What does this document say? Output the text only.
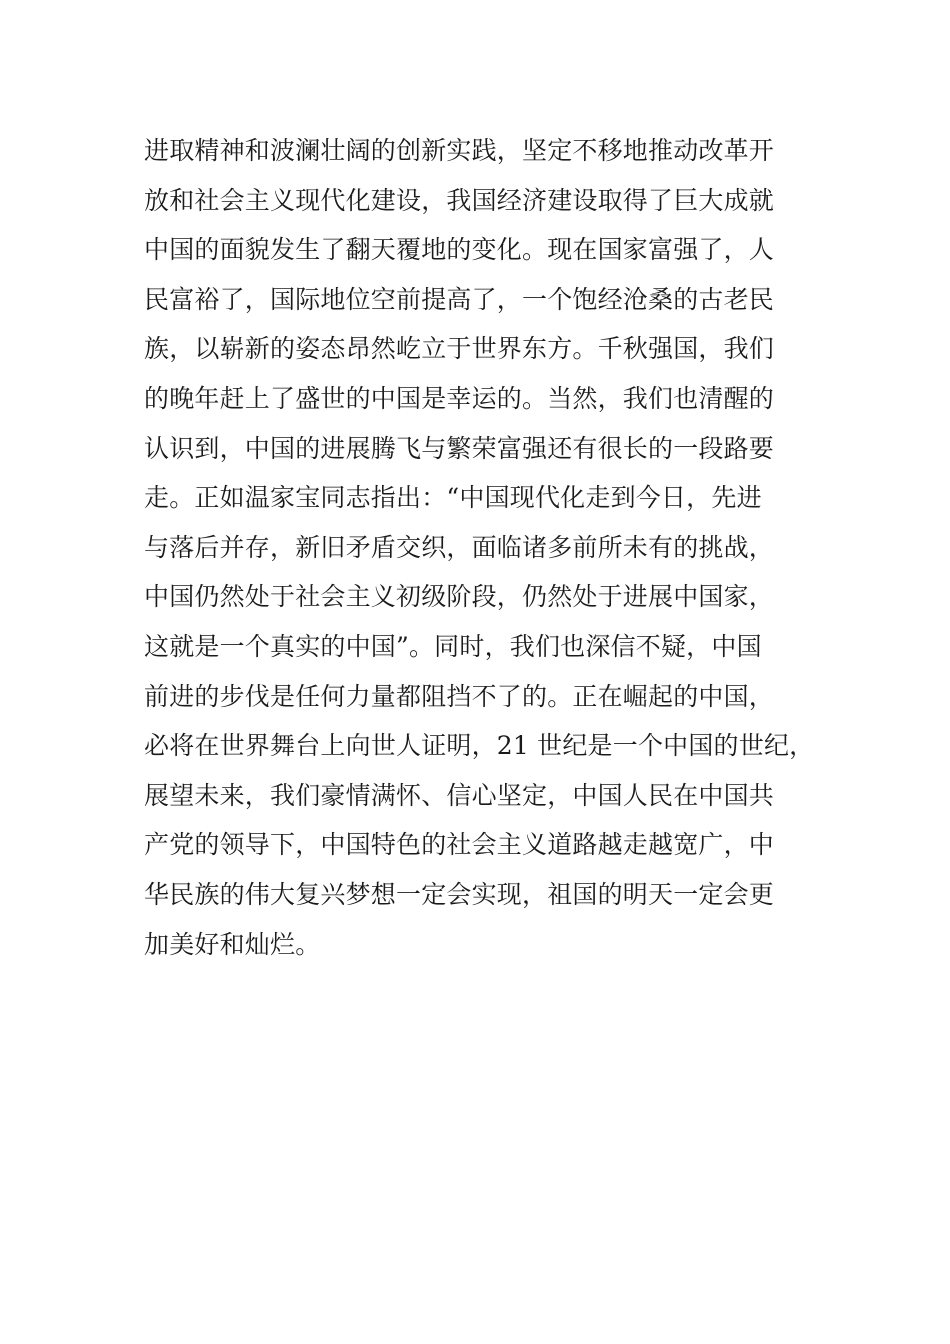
进取精神和波澜壮阔的创新实践，坚定不移地推动改革开
放和社会主义现代化建设，我国经济建设取得了巨大成就
中国的面貌发生了翻天覆地的变化。现在国家富强了，人
民富裕了，国际地位空前提高了，一个饱经沧桑的古老民
族，以崭新的姿态昂然屹立于世界东方。千秋强国，我们
的晚年赶上了盛世的中国是幸运的。当然，我们也清醒的
认识到，中国的进展腾飞与繁荣富强还有很长的一段路要
走。正如温家宝同志指出：“中国现代化走到今日，先进
与落后并存，新旧矛盾交织，面临诸多前所未有的挑战，
中国仍然处于社会主义初级阶段，仍然处于进展中国家，
这就是一个真实的中国”。同时，我们也深信不疑，中国
前进的步伐是任何力量都阻挡不了的。正在崛起的中国，
必将在世界舞台上向世人证明，21 世纪是一个中国的世纪，
展望未来，我们豪情满怀、信心坚定，中国人民在中国共
产党的领导下，中国特色的社会主义道路越走越宽广，中
华民族的伟大复兴梦想一定会实现，祖国的明天一定会更
加美好和灿烂。
